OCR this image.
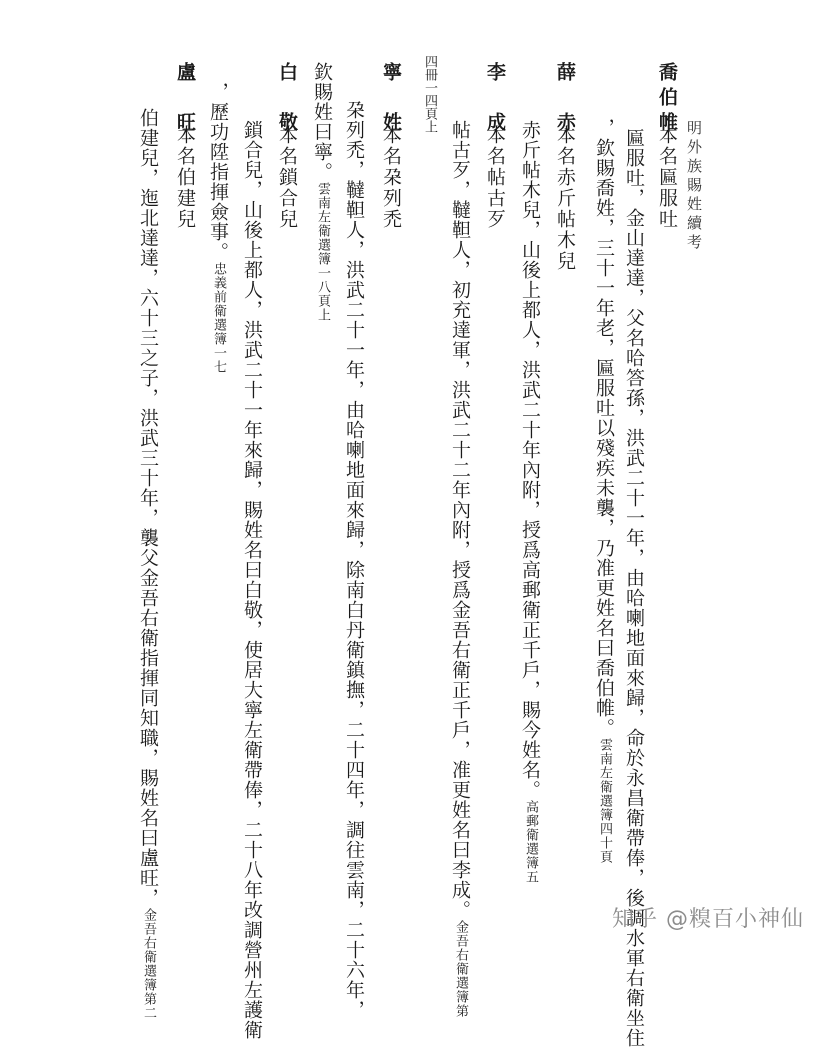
明外族賜姓續考
喬伯帷
本名匾服吐
匾服吐，金山達達，父名哈答孫，洪武二十一年，由哈喇地面來歸，命於永昌衛帶俸，後調水軍右衛坐住
，欽賜喬姓，三十一年老，匾服吐以殘疾未襲，乃准更姓名曰喬伯帷。雲南左衛選簿四十頁
薛　赤
本名赤斤帖木兒
赤斤帖木兒，山後上都人，洪武二十年內附，授爲高郵衛正千戶，賜今姓名。高郵衛選簿五
李　成
本名帖古歹
帖古歹，韃靼人，初充達軍，洪武二十二年內附，授爲金吾右衛正千戶，准更姓名曰李成。金吾右衛選簿第
四冊一四頁上
寧　姓
本名朶列禿
朶列禿，韃靼人，洪武二十一年，由哈喇地面來歸，除南白丹衛鎮撫，二十四年，調往雲南，二十六年，
欽賜姓曰寧。雲南左衛選簿一八頁上
白　敬
本名鎖合兒
鎖合兒，山後上都人，洪武二十一年來歸，賜姓名曰白敬，使居大寧左衛帶俸，二十八年改調營州左護衛
，歷功陞指揮僉事。忠義前衛選簿一七
盧　旺
本名伯建兒
伯建兒，迤北達達，六十三之子，洪武三十年，襲父金吾右衛指揮同知職，賜姓名曰盧旺，金吾右衛選簿第二	知乎 @糗百小神仙
